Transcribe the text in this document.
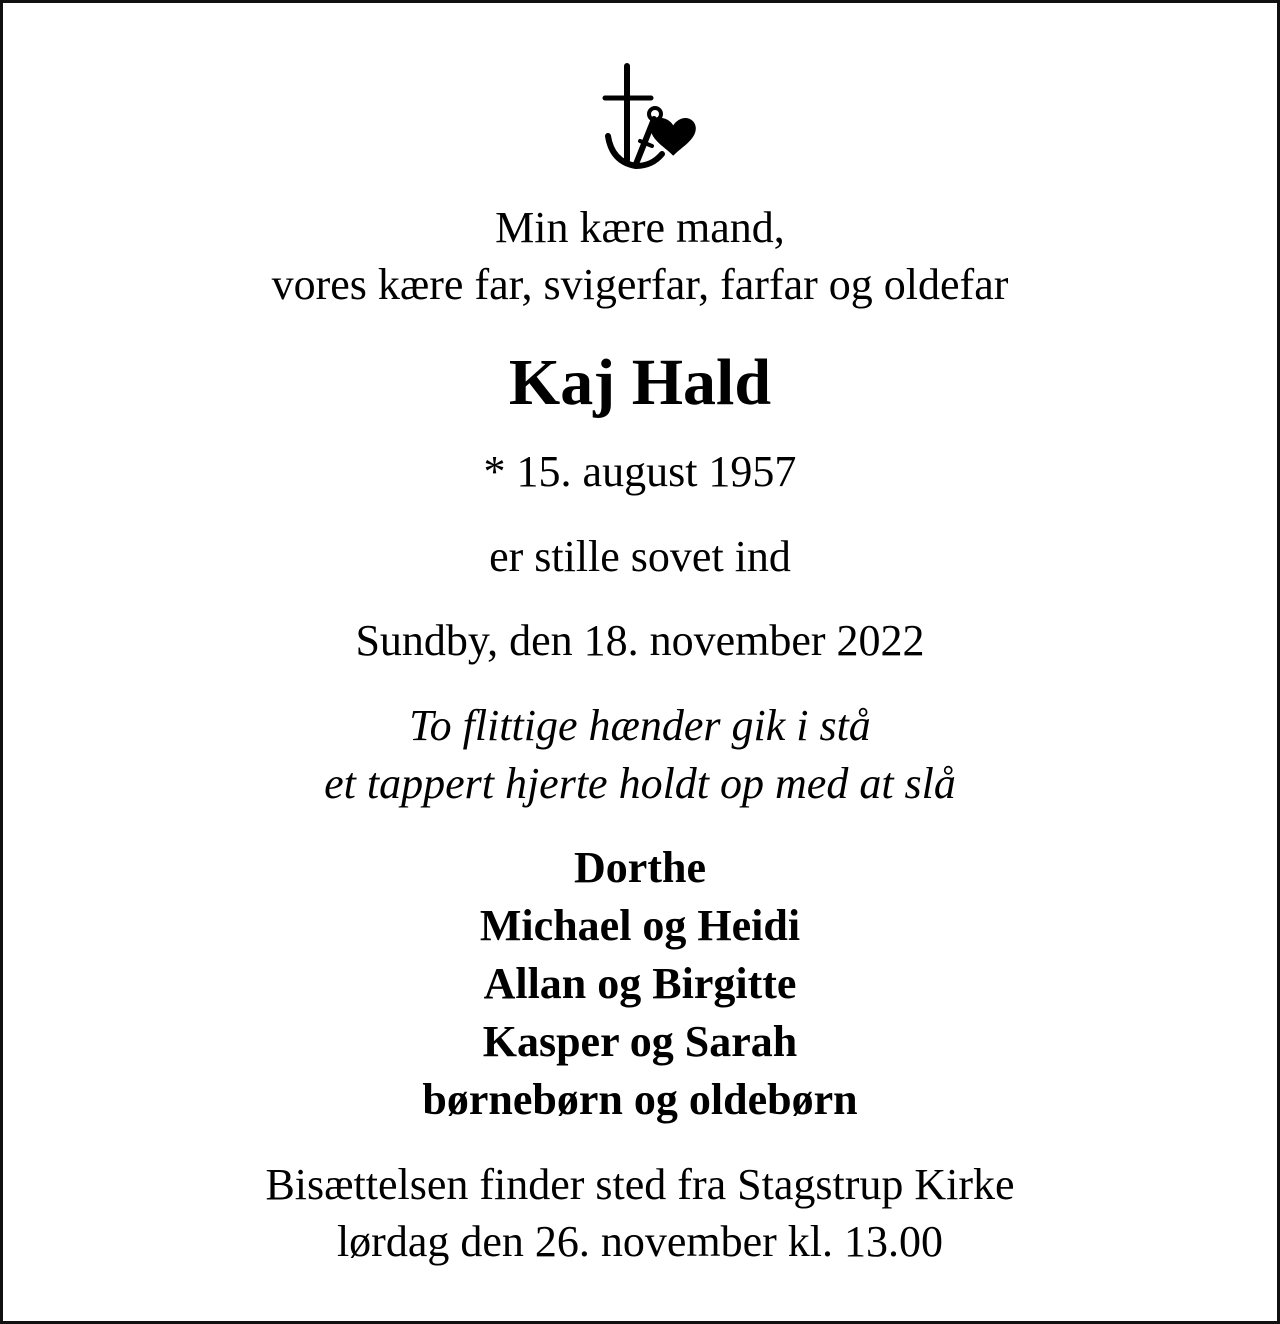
Min kære mand,
vores kære far, svigerfar, farfar og oldefar
Kaj Hald
* 15. august 1957
er stille sovet ind
Sundby, den 18. november 2022
To flittige hænder gik i stå
et tappert hjerte holdt op med at slå
Dorthe
Michael og Heidi
Allan og Birgitte
Kasper og Sarah
børnebørn og oldebørn
Bisættelsen finder sted fra Stagstrup Kirke
lørdag den 26. november kl. 13.00
